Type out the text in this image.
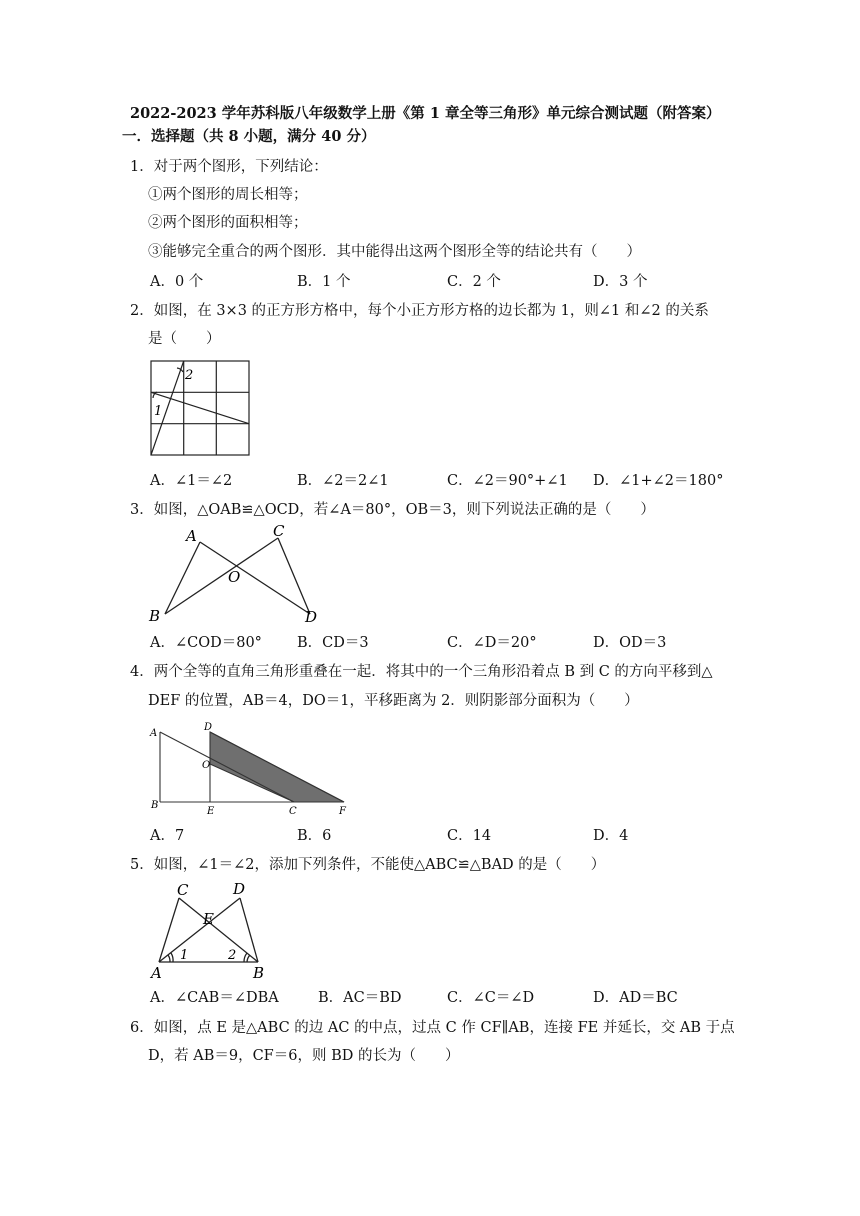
2022-2023 学年苏科版八年级数学上册《第 1 章全等三角形》单元综合测试题（附答案）
一．选择题（共 8 小题，满分 40 分）
1．对于两个图形，下列结论：
①两个图形的周长相等；
②两个图形的面积相等；
③能够完全重合的两个图形．其中能得出这两个图形全等的结论共有（　　）
A．0 个	B．1 个	C．2 个	D．3 个
2．如图，在 3×3 的正方形方格中，每个小正方形方格的边长都为 1，则∠1 和∠2 的关系
是（　　）
1
2
A．∠1＝∠2	B．∠2＝2∠1	C．∠2＝90°+∠1 D．∠1+∠2＝180°
3．如图，△OAB≌△OCD，若∠A＝80°，OB＝3，则下列说法正确的是（　　）
A	C
O
B	D
A．∠COD＝80° B．CD＝3	C．∠D＝20°	D．OD＝3
4．两个全等的直角三角形重叠在一起．将其中的一个三角形沿着点 B 到 C 的方向平移到△
DEF 的位置，AB＝4，DO＝1，平移距离为 2．则阴影部分面积为（　　）
A
D
O
B
E	C	F
A．7	B．6	C．14	D．4
5．如图，∠1＝∠2，添加下列条件，不能使△ABC≌△BAD 的是（　　）
C	D
E
1	2
A	B
A．∠CAB＝∠DBA	B．AC＝BD	C．∠C＝∠D	D．AD＝BC
6．如图，点 E 是△ABC 的边 AC 的中点，过点 C 作 CF∥AB，连接 FE 并延长，交 AB 于点
D，若 AB＝9，CF＝6，则 BD 的长为（　　）
